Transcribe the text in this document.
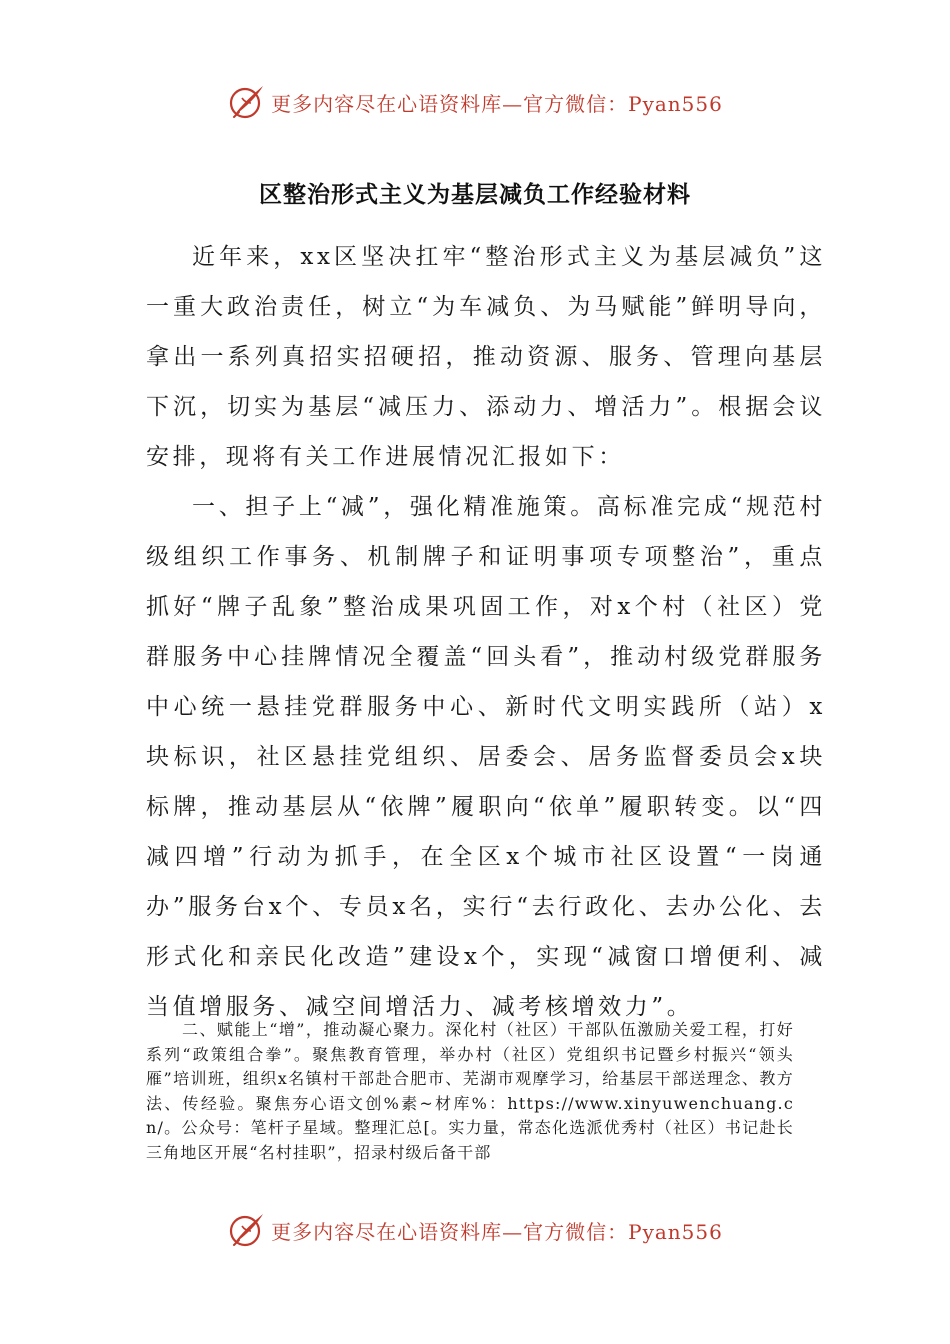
更多内容尽在心语资料库—官方微信：Pyan556
区整治形式主义为基层减负工作经验材料

近年来，xx区坚决扛牢“整治形式主义为基层减负”这一重大政治责任，树立“为车减负、为马赋能”鲜明导向，拿出一系列真招实招硬招，推动资源、服务、管理向基层下沉，切实为基层“减压力、添动力、增活力”。根据会议安排，现将有关工作进展情况汇报如下：

一、担子上“减”，强化精准施策。高标准完成“规范村级组织工作事务、机制牌子和证明事项专项整治”，重点抓好“牌子乱象”整治成果巩固工作，对x个村（社区）党群服务中心挂牌情况全覆盖“回头看”，推动村级党群服务中心统一悬挂党群服务中心、新时代文明实践所（站）x块标识，社区悬挂党组织、居委会、居务监督委员会x块标牌，推动基层从“依牌”履职向“依单”履职转变。以“四减四增”行动为抓手，在全区x个城市社区设置“一岗通办”服务台x个、专员x名，实行“去行政化、去办公化、去形式化和亲民化改造”建设x个，实现“减窗口增便利、减当值增服务、减空间增活力、减考核增效力”。

二、赋能上“增”，推动凝心聚力。深化村（社区）干部队伍激励关爱工程，打好系列“政策组合拳”。聚焦教育管理，举办村（社区）党组织书记暨乡村振兴“领头雁”培训班，组织x名镇村干部赴合肥市、芜湖市观摩学习，给基层干部送理念、教方法、传经验。聚焦夯心语文创%素~材库%：https://www.xinyuwenchuang.cn/。公众号：笔杆子星域。整理汇总[。实力量，常态化选派优秀村（社区）书记赴长三角地区开展“名村挂职”，招录村级后备干部

更多内容尽在心语资料库—官方微信：Pyan556
